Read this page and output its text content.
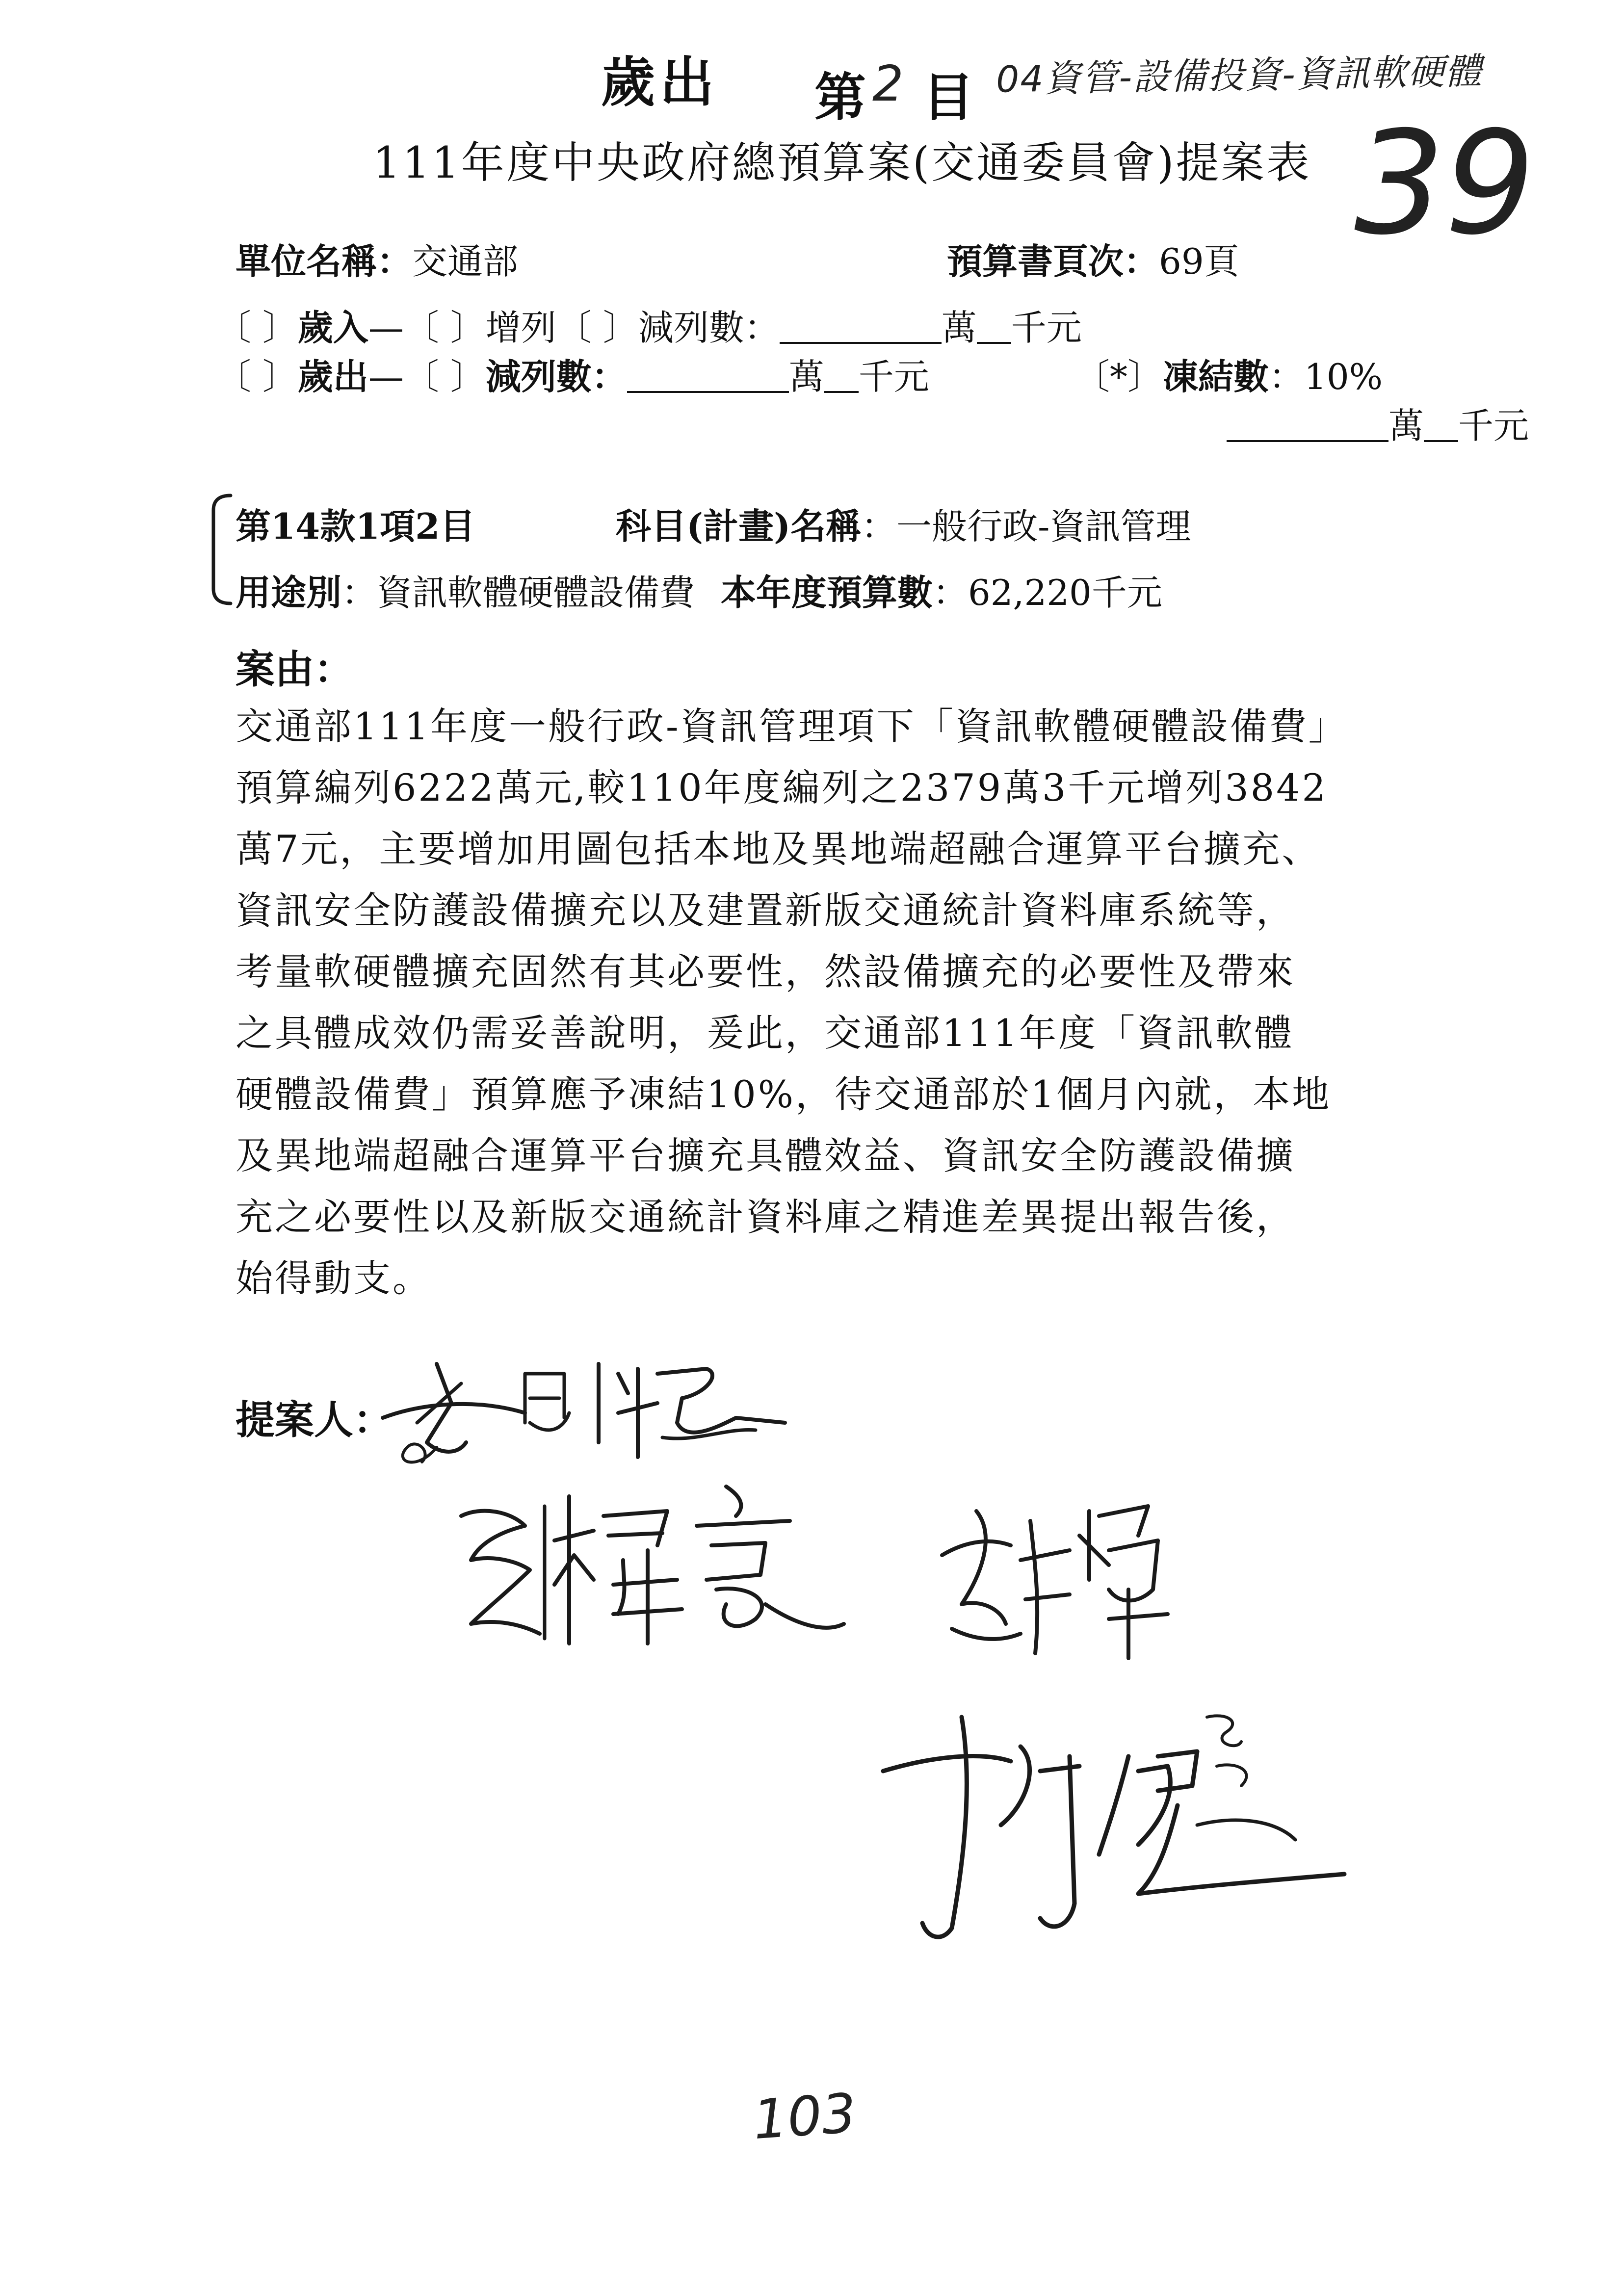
歲出 第 2 目 04資管-設備投資-資訊軟硬體
39
111年度中央政府總預算案(交通委員會)提案表
單位名稱：交通部	預算書頁次：69頁
〔 〕歲入—〔 〕增列〔 〕減列數：	萬 千元
〔 〕歲出—〔 〕減列數：	萬 千元	〔*〕凍結數：10%
萬 千元
第14款1項2目	科目(計畫)名稱：一般行政-資訊管理
用途別：資訊軟體硬體設備費 本年度預算數：62,220千元
案由：
交通部111年度一般行政-資訊管理項下「資訊軟體硬體設備費」
預算編列6222萬元,較110年度編列之2379萬3千元增列3842
萬7元，主要增加用圖包括本地及異地端超融合運算平台擴充、
資訊安全防護設備擴充以及建置新版交通統計資料庫系統等，
考量軟硬體擴充固然有其必要性，然設備擴充的必要性及帶來
之具體成效仍需妥善說明，爰此，交通部111年度「資訊軟體
硬體設備費」預算應予凍結10%，待交通部於1個月內就，本地
及異地端超融合運算平台擴充具體效益、資訊安全防護設備擴
充之必要性以及新版交通統計資料庫之精進差異提出報告後，
始得動支。
提案人：
103
